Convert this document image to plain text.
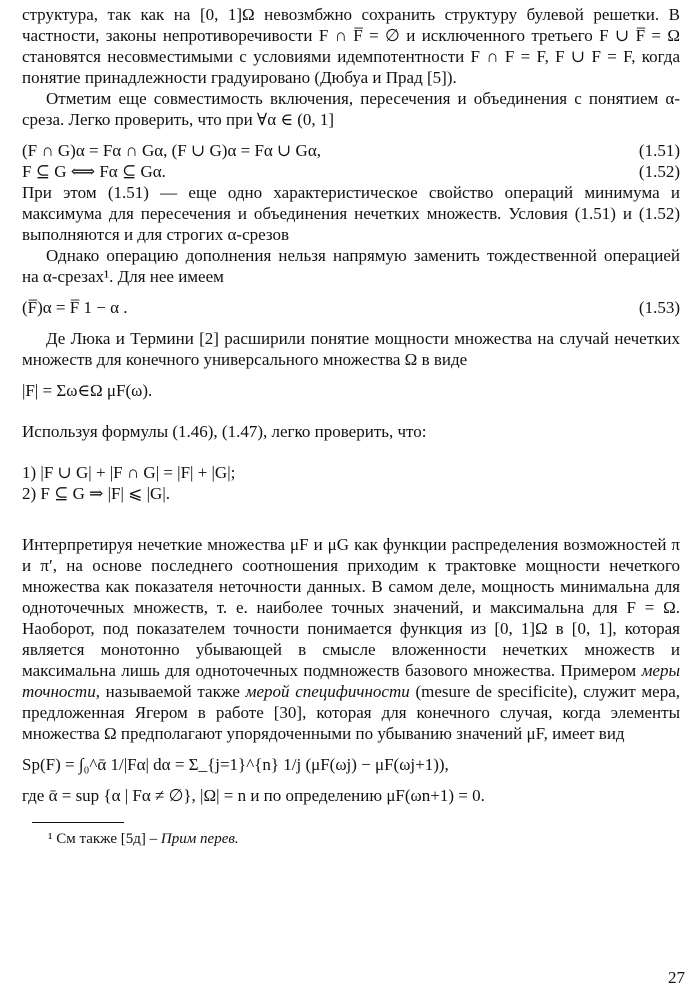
структура, так как на [0, 1]Ω невозмбжно сохранить структуру булевой решетки. В частности, законы непротиворечивости F ∩ F̅ = ∅ и исключенного третьего F ∪ F̅ = Ω становятся несовместимыми с условиями идемпотентности F ∩ F = F, F ∪ F = F, когда понятие принадлежности градуировано (Дюбуа и Прад [5]).

Отметим еще совместимость включения, пересечения и объединения с понятием α-среза. Легко проверить, что при ∀α ∈ (0, 1]

(F ∩ G)α = Fα ∩ Gα, (F ∪ G)α = Fα ∪ Gα,	(1.51)
F ⊆ G ⟺ Fα ⊆ Gα.	(1.52)

При этом (1.51) — еще одно характеристическое свойство операций минимума и максимума для пересечения и объединения нечетких множеств. Условия (1.51) и (1.52) выполняются и для строгих α-срезов

Однако операцию дополнения нельзя напрямую заменить тождественной операцией на α-срезах¹. Для нее имеем

(F̅)α = F̅ 1 − α .	(1.53)

Де Люка и Термини [2] расширили понятие мощности множества на случай нечетких множеств для конечного универсального множества Ω в виде

|F| = Σω∈Ω μF(ω).

Используя формулы (1.46), (1.47), легко проверить, что:

1) |F ∪ G| + |F ∩ G| = |F| + |G|;

2) F ⊆ G ⇒ |F| ⩽ |G|.

Интерпретируя нечеткие множества μF и μG как функции распределения возможностей π и π′, на основе последнего соотношения приходим к трактовке мощности нечеткого множества как показателя неточности данных. В самом деле, мощность минимальна для одноточечных множеств, т. е. наиболее точных значений, и максимальна для F = Ω. Наоборот, под показателем точности понимается функция из [0, 1]Ω в [0, 1], которая является монотонно убывающей в смысле вложенности нечетких множеств и максимальна лишь для одноточечных подмножеств базового множества. Примером меры точности, называемой также мерой специфичности (mesure de specificite), служит мера, предложенная Ягером в работе [30], которая для конечного случая, когда элементы множества Ω предполагают упорядоченными по убыванию значений μF, имеет вид

Sp(F) = ∫₀^ᾱ 1/|Fα| dα = Σ_{j=1}^{n} 1/j (μF(ωj) − μF(ωj+1)),

где ᾱ = sup {α | Fα ≠ ∅}, |Ω| = n и по определению μF(ωn+1) = 0.

¹ См также [5д] – Прим перев.

27
